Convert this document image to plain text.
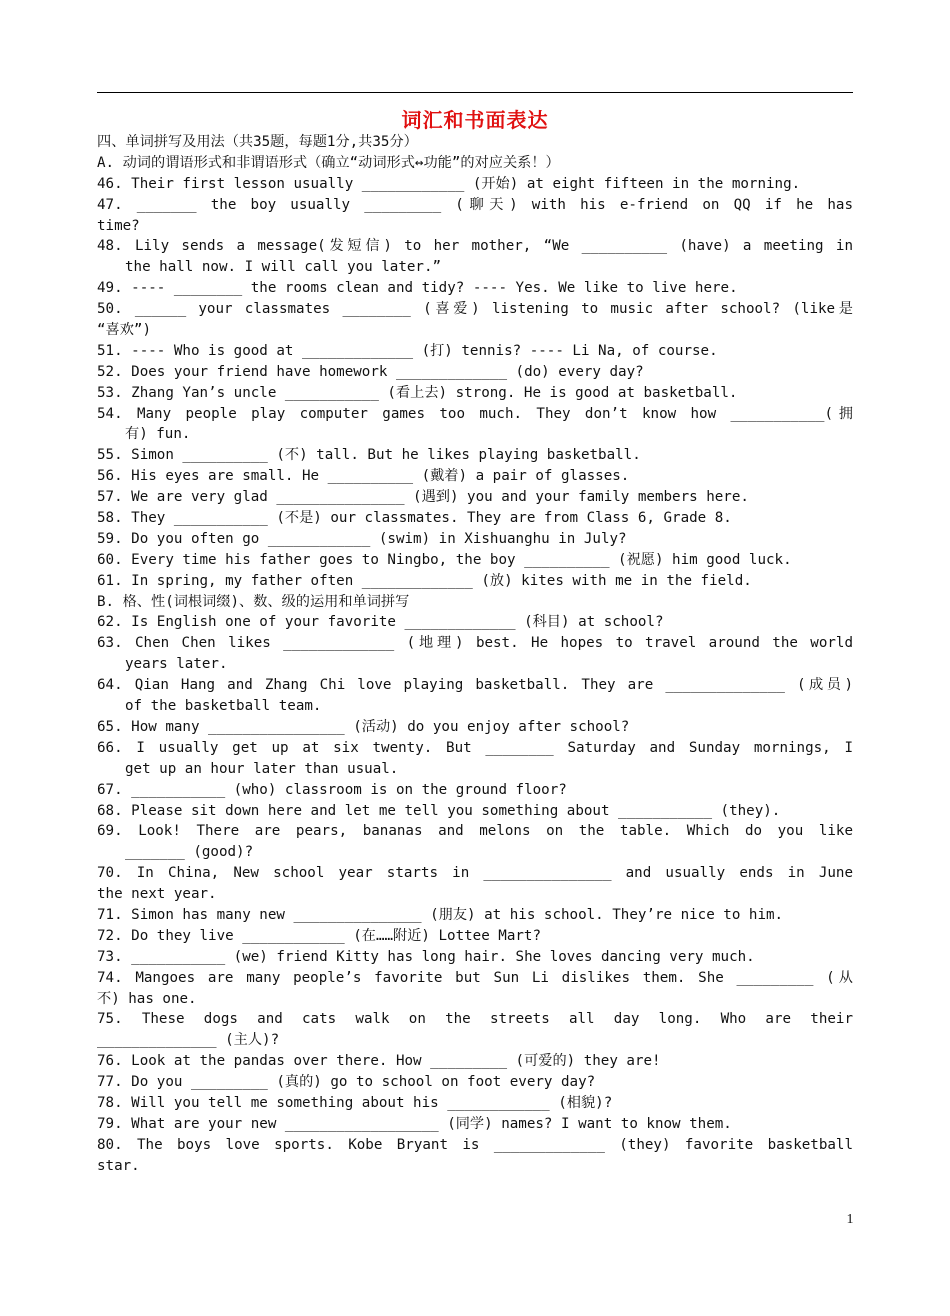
词汇和书面表达
四、单词拼写及用法（共35题，每题1分,共35分）
A. 动词的谓语形式和非谓语形式（确立“动词形式↔功能”的对应关系！）
46. Their first lesson usually ____________ (开始) at eight fifteen in the morning.
47. _______ the boy usually _________ (聊天) with his e-friend on QQ if he has
time?
48. Lily sends a message(发短信) to her mother, “We __________ (have) a meeting in
the hall now. I will call you later.”
49. ---- ________ the rooms clean and tidy? ---- Yes. We like to live here.
50. ______ your classmates ________ (喜爱) listening to music after school? (like是
“喜欢”)
51. ---- Who is good at _____________ (打) tennis? ---- Li Na, of course.
52. Does your friend have homework _____________ (do) every day?
53. Zhang Yan’s uncle ___________ (看上去) strong. He is good at basketball.
54. Many people play computer games too much. They don’t know how ___________(拥
有) fun.
55. Simon __________ (不) tall. But he likes playing basketball.
56. His eyes are small. He __________ (戴着) a pair of glasses.
57. We are very glad _______________ (遇到) you and your family members here.
58. They ___________ (不是) our classmates. They are from Class 6, Grade 8.
59. Do you often go ____________ (swim) in Xishuanghu in July?
60. Every time his father goes to Ningbo, the boy __________ (祝愿) him good luck.
61. In spring, my father often _____________ (放) kites with me in the field.
B. 格、性(词根词缀)、数、级的运用和单词拼写
62. Is English one of your favorite _____________ (科目) at school?
63. Chen Chen likes _____________ (地理) best. He hopes to travel around the world
years later.
64. Qian Hang and Zhang Chi love playing basketball. They are ______________ (成员)
of the basketball team.
65. How many ________________ (活动) do you enjoy after school?
66. I usually get up at six twenty. But ________ Saturday and Sunday mornings, I
get up an hour later than usual.
67. ___________ (who) classroom is on the ground floor?
68. Please sit down here and let me tell you something about ___________ (they).
69. Look! There are pears, bananas and melons on the table. Which do you like
_______ (good)?
70. In China, New school year starts in _______________ and usually ends in June
the next year.
71. Simon has many new _______________ (朋友) at his school. They’re nice to him.
72. Do they live ____________ (在……附近) Lottee Mart?
73. ___________ (we) friend Kitty has long hair. She loves dancing very much.
74. Mangoes are many people’s favorite but Sun Li dislikes them. She _________ (从
不) has one.
75. These dogs and cats walk on the streets all day long. Who are their
______________ (主人)?
76. Look at the pandas over there. How _________ (可爱的) they are!
77. Do you _________ (真的) go to school on foot every day?
78. Will you tell me something about his ____________ (相貌)?
79. What are your new __________________ (同学) names? I want to know them.
80. The boys love sports. Kobe Bryant is _____________ (they) favorite basketball
star.
1
